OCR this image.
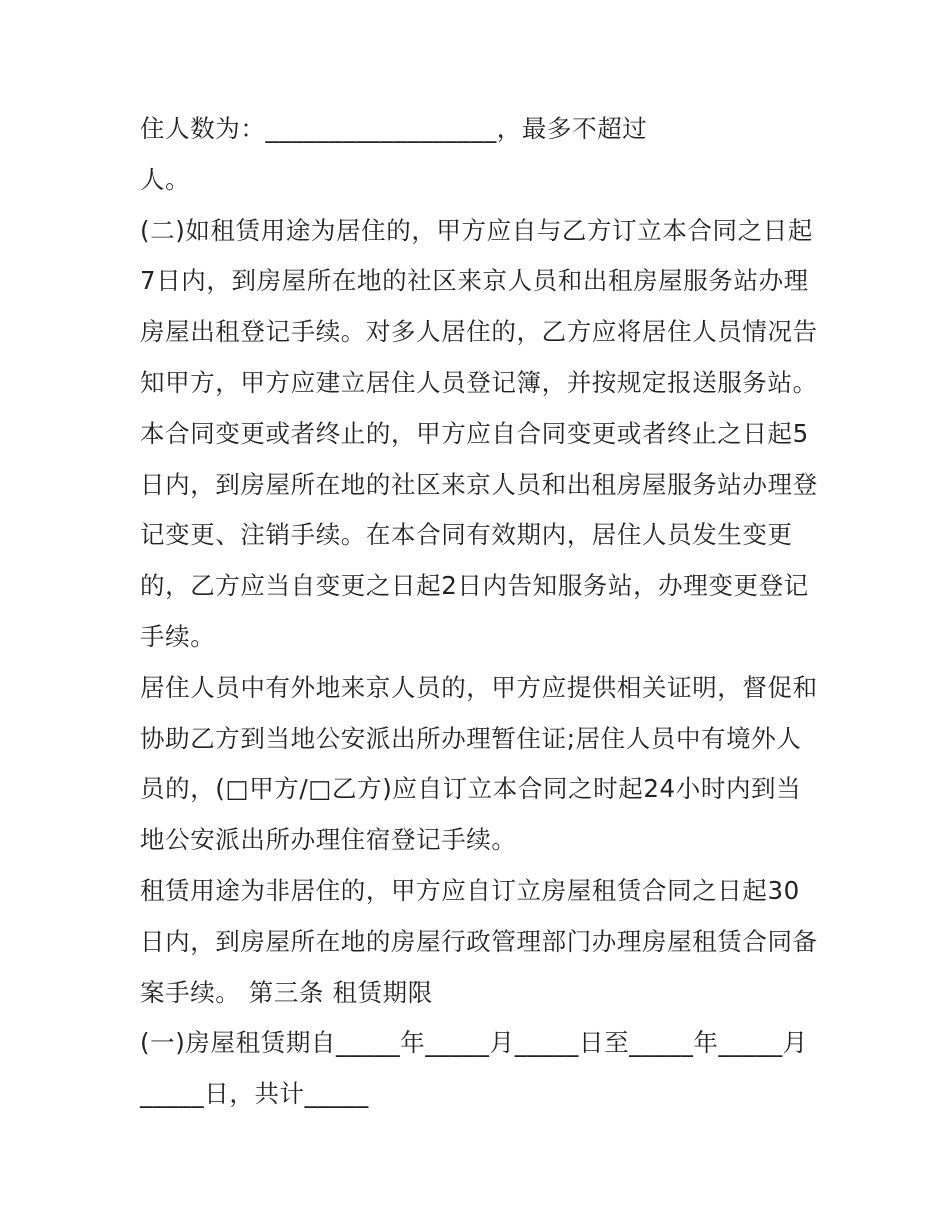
住人数为：__________________，最多不超过
人。
(二)如租赁用途为居住的，甲方应自与乙方订立本合同之日起
7日内，到房屋所在地的社区来京人员和出租房屋服务站办理
房屋出租登记手续。对多人居住的，乙方应将居住人员情况告
知甲方，甲方应建立居住人员登记簿，并按规定报送服务站。
本合同变更或者终止的，甲方应自合同变更或者终止之日起5
日内，到房屋所在地的社区来京人员和出租房屋服务站办理登
记变更、注销手续。在本合同有效期内，居住人员发生变更
的，乙方应当自变更之日起2日内告知服务站，办理变更登记
手续。
居住人员中有外地来京人员的，甲方应提供相关证明，督促和
协助乙方到当地公安派出所办理暂住证;居住人员中有境外人
员的，(□甲方/□乙方)应自订立本合同之时起24小时内到当
地公安派出所办理住宿登记手续。
租赁用途为非居住的，甲方应自订立房屋租赁合同之日起30
日内，到房屋所在地的房屋行政管理部门办理房屋租赁合同备
案手续。 第三条 租赁期限
(一)房屋租赁期自_____年_____月_____日至_____年_____月
_____日，共计_____
